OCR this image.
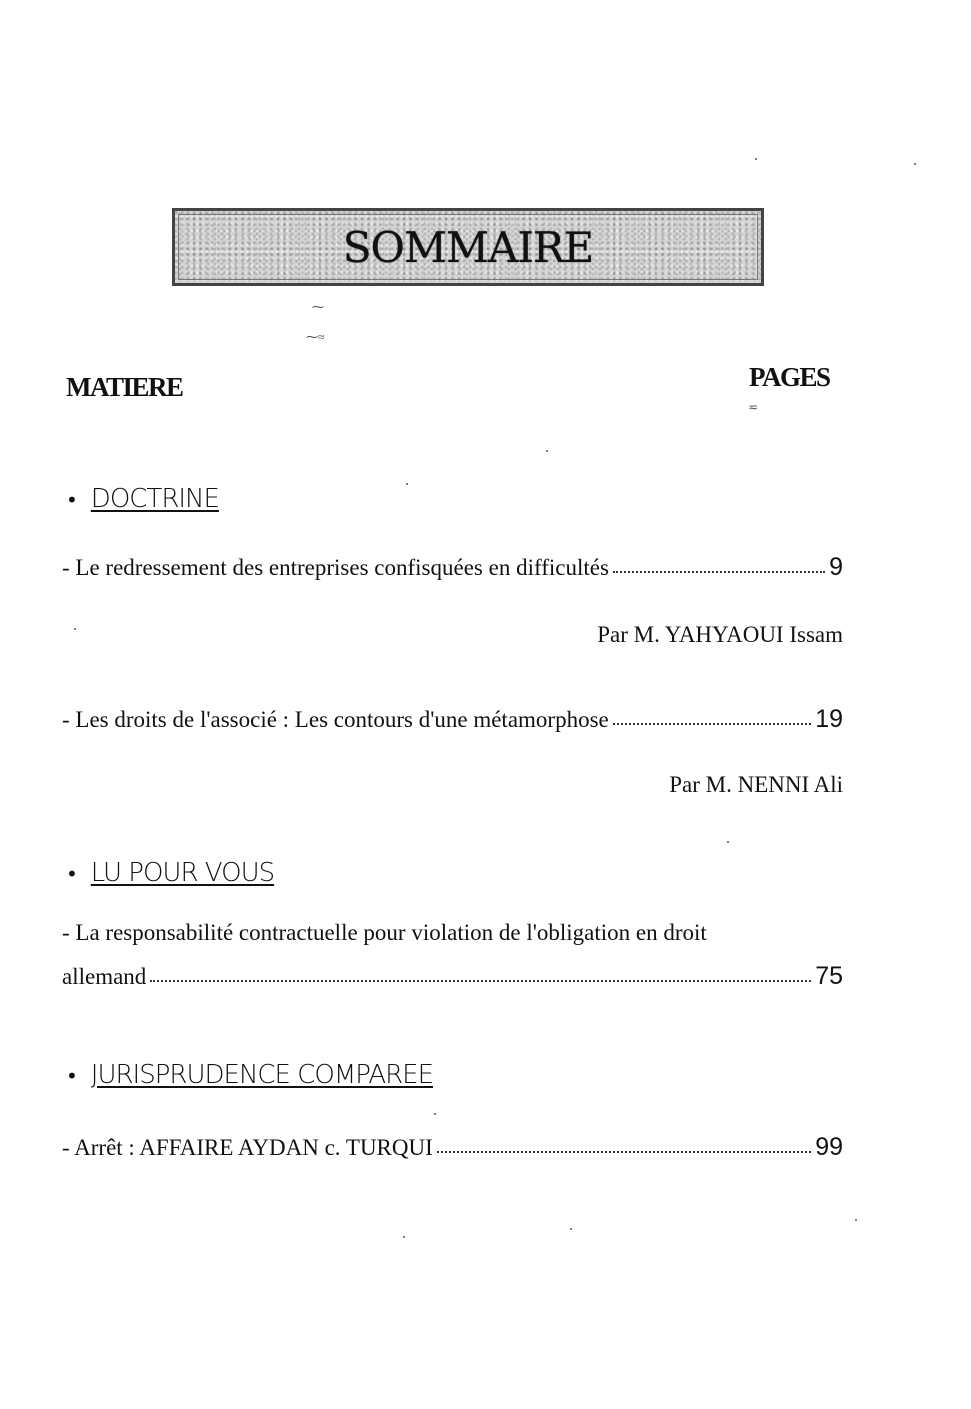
SOMMAIRE
⁓
⁓≈
≂
MATIERE	PAGES
• DOCTRINE
- Le redressement des entreprises confisquées en difficultés	9
Par M. YAHYAOUI Issam
- Les droits de l'associé : Les contours d'une métamorphose	19
Par M. NENNI Ali
• LU POUR VOUS
- La responsabilité contractuelle pour violation de l'obligation en droit
allemand	75
• JURISPRUDENCE COMPAREE
- Arrêt : AFFAIRE AYDAN c. TURQUI	99
